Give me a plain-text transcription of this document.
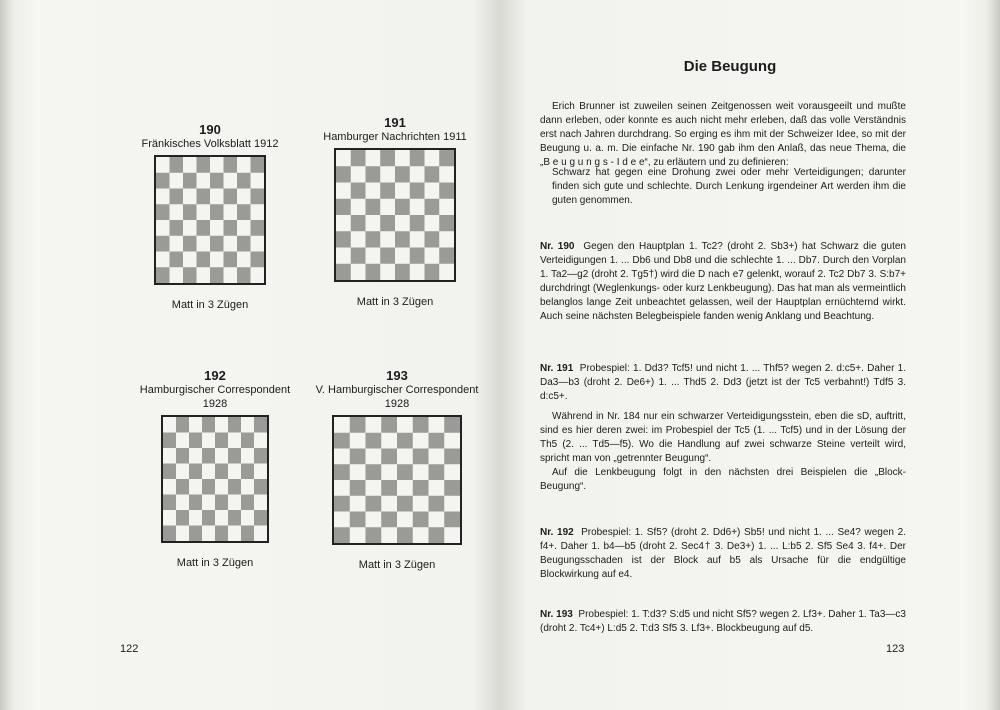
190
Fränkisches Volksblatt 1912
Matt in 3 Zügen
191
Hamburger Nachrichten 1911
Matt in 3 Zügen
192
Hamburgischer Correspondent 1928
Matt in 3 Zügen
193
V. Hamburgischer Correspondent 1928
Matt in 3 Zügen
122
Die Beugung
Erich Brunner ist zuweilen seinen Zeitgenossen weit vorausgeeilt und mußte dann erleben, oder konnte es auch nicht mehr erleben, daß das volle Verständnis erst nach Jahren durchdrang. So erging es ihm mit der Schweizer Idee, so mit der Beugung u. a. m. Die einfache Nr. 190 gab ihm den Anlaß, das neue Thema, die „B e u g u n g s - I d e e“, zu erläutern und zu definieren:
Schwarz hat gegen eine Drohung zwei oder mehr Verteidigungen; darunter finden sich gute und schlechte. Durch Lenkung irgendeiner Art werden ihm die guten genommen.
Nr. 190 Gegen den Hauptplan 1. Tc2? (droht 2. Sb3+) hat Schwarz die guten Verteidigungen 1. ... Db6 und Db8 und die schlechte 1. ... Db7. Durch den Vorplan 1. Ta2—g2 (droht 2. Tg5†) wird die D nach e7 gelenkt, worauf 2. Tc2 Db7 3. S:b7+ durchdringt (Weglenkungs- oder kurz Lenkbeugung). Das hat man als vermeintlich belanglos lange Zeit unbeachtet gelassen, weil der Hauptplan ernüchternd wirkt. Auch seine nächsten Belegbeispiele fanden wenig Anklang und Beachtung.
Nr. 191 Probespiel: 1. Dd3? Tcf5! und nicht 1. ... Thf5? wegen 2. d:c5+. Daher 1. Da3—b3 (droht 2. De6+) 1. ... Thd5 2. Dd3 (jetzt ist der Tc5 verbahnt!) Tdf5 3. d:c5+.
Während in Nr. 184 nur ein schwarzer Verteidigungsstein, eben die sD, auftritt, sind es hier deren zwei: im Probespiel der Tc5 (1. ... Tcf5) und in der Lösung der Th5 (2. ... Td5—f5). Wo die Handlung auf zwei schwarze Steine verteilt wird, spricht man von „getrennter Beugung“.
Auf die Lenkbeugung folgt in den nächsten drei Beispielen die „Block-Beugung“.
Nr. 192 Probespiel: 1. Sf5? (droht 2. Dd6+) Sb5! und nicht 1. ... Se4? wegen 2. f4+. Daher 1. b4—b5 (droht 2. Sec4† 3. De3+) 1. ... L:b5 2. Sf5 Se4 3. f4+. Der Beugungsschaden ist der Block auf b5 als Ursache für die endgültige Blockwirkung auf e4.
Nr. 193 Probespiel: 1. T:d3? S:d5 und nicht Sf5? wegen 2. Lf3+. Daher 1. Ta3—c3 (droht 2. Tc4+) L:d5 2. T:d3 Sf5 3. Lf3+. Blockbeugung auf d5.
123
